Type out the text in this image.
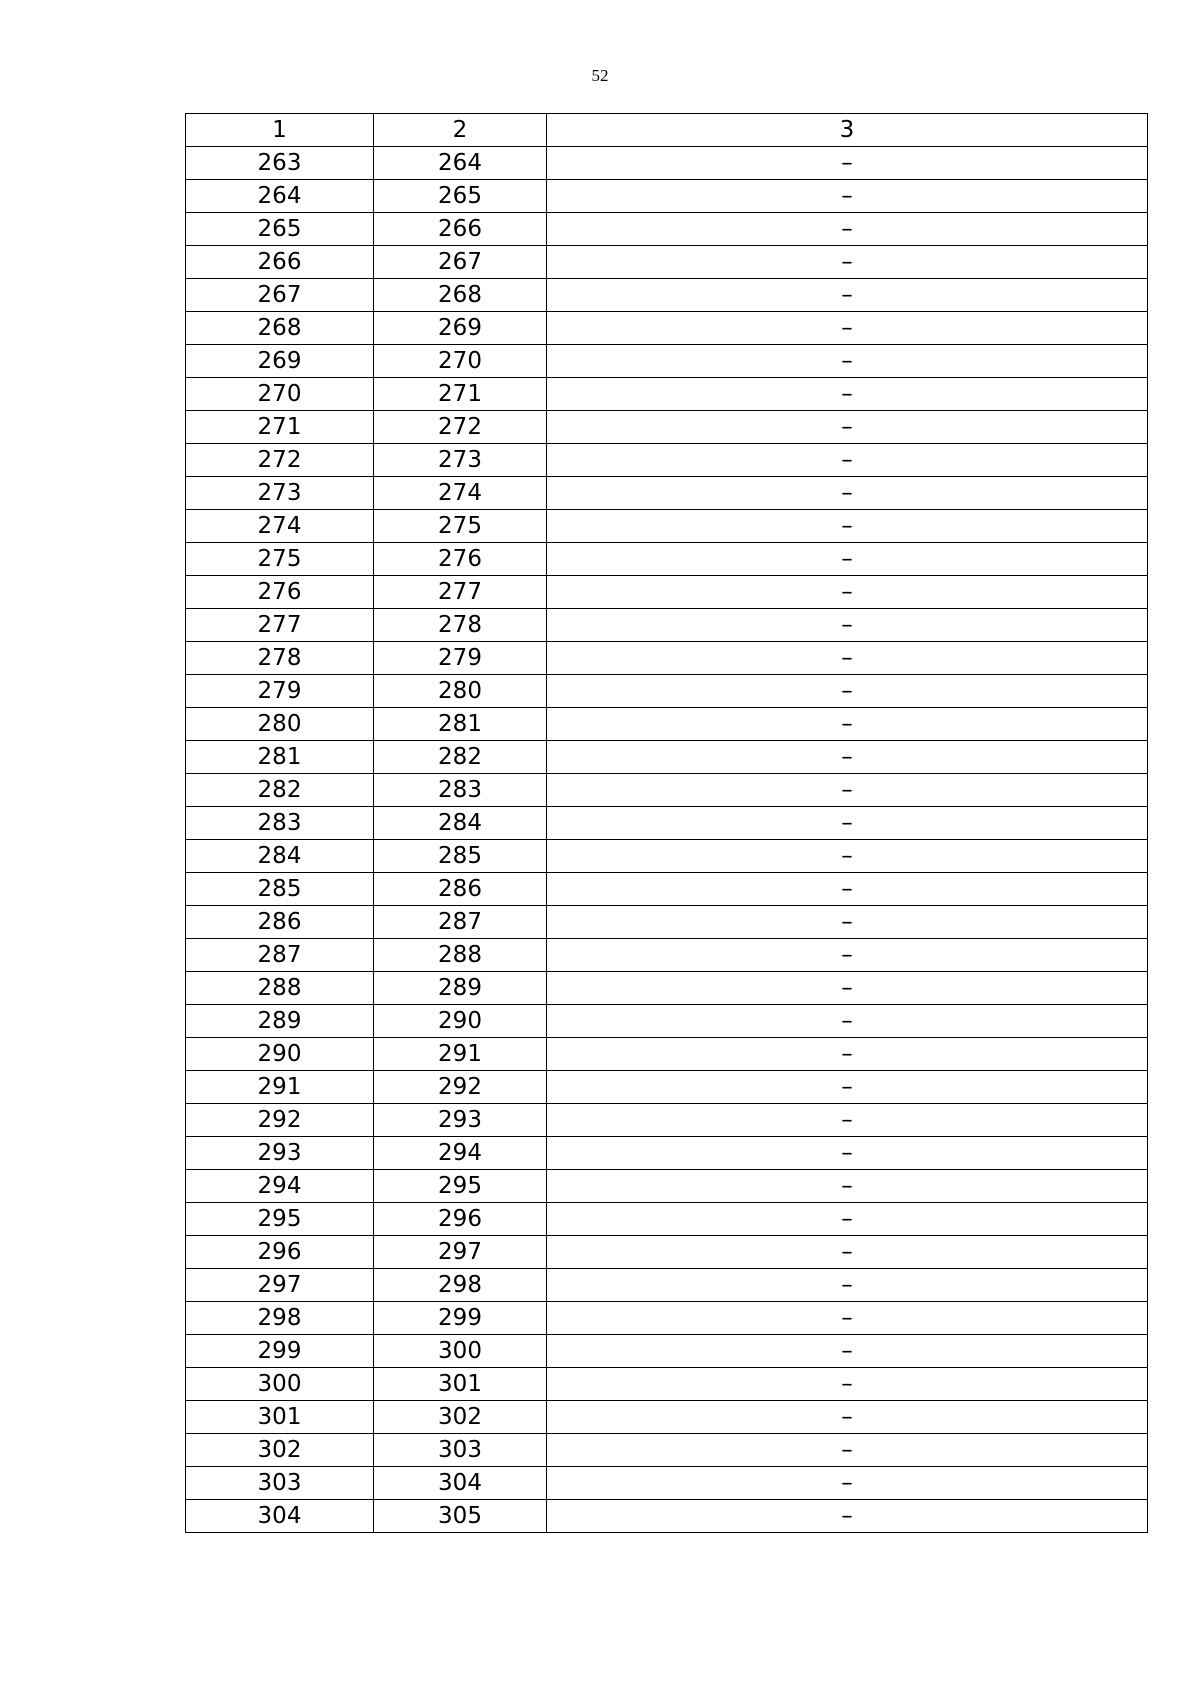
52
1	2	3
263	264	–
264	265	–
265	266	–
266	267	–
267	268	–
268	269	–
269	270	–
270	271	–
271	272	–
272	273	–
273	274	–
274	275	–
275	276	–
276	277	–
277	278	–
278	279	–
279	280	–
280	281	–
281	282	–
282	283	–
283	284	–
284	285	–
285	286	–
286	287	–
287	288	–
288	289	–
289	290	–
290	291	–
291	292	–
292	293	–
293	294	–
294	295	–
295	296	–
296	297	–
297	298	–
298	299	–
299	300	–
300	301	–
301	302	–
302	303	–
303	304	–
304	305	–
